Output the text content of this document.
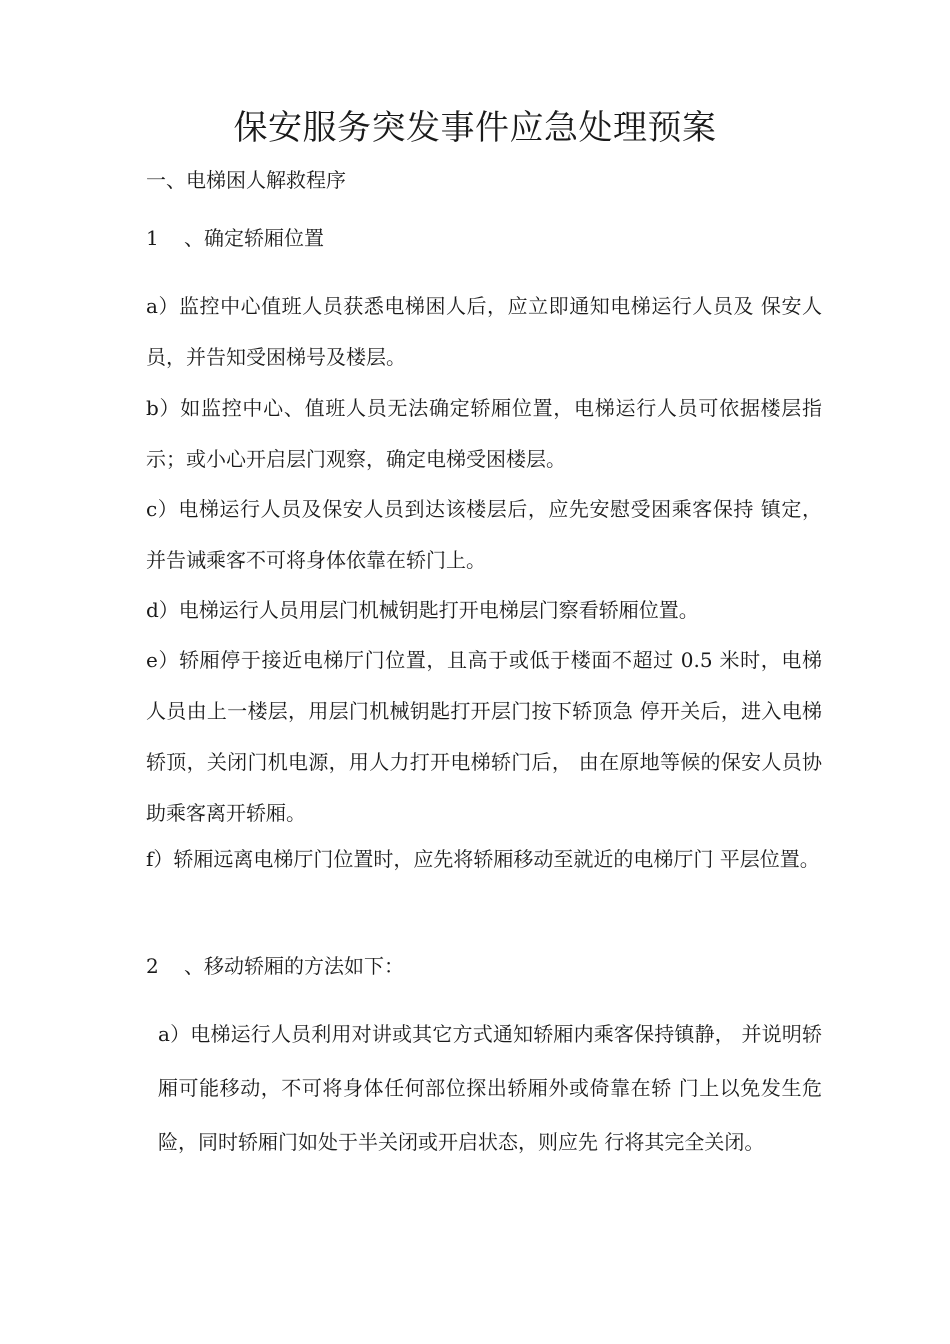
保安服务突发事件应急处理预案

一、电梯困人解救程序

1 、确定轿厢位置

a）监控中心值班人员获悉电梯困人后，应立即通知电梯运行人员及 保安人员，并告知受困梯号及楼层。

b）如监控中心、值班人员无法确定轿厢位置，电梯运行人员可依据楼层指示；或小心开启层门观察，确定电梯受困楼层。

c）电梯运行人员及保安人员到达该楼层后，应先安慰受困乘客保持 镇定，并告诫乘客不可将身体依靠在轿门上。

d）电梯运行人员用层门机械钥匙打开电梯层门察看轿厢位置。

e）轿厢停于接近电梯厅门位置，且高于或低于楼面不超过 0.5 米时，电梯人员由上一楼层，用层门机械钥匙打开层门按下轿顶急 停开关后，进入电梯轿顶，关闭门机电源，用人力打开电梯轿门后， 由在原地等候的保安人员协助乘客离开轿厢。

f）轿厢远离电梯厅门位置时，应先将轿厢移动至就近的电梯厅门 平层位置。

2 、移动轿厢的方法如下：

a）电梯运行人员利用对讲或其它方式通知轿厢内乘客保持镇静， 并说明轿厢可能移动，不可将身体任何部位探出轿厢外或倚靠在轿 门上以免发生危险，同时轿厢门如处于半关闭或开启状态，则应先 行将其完全关闭。
